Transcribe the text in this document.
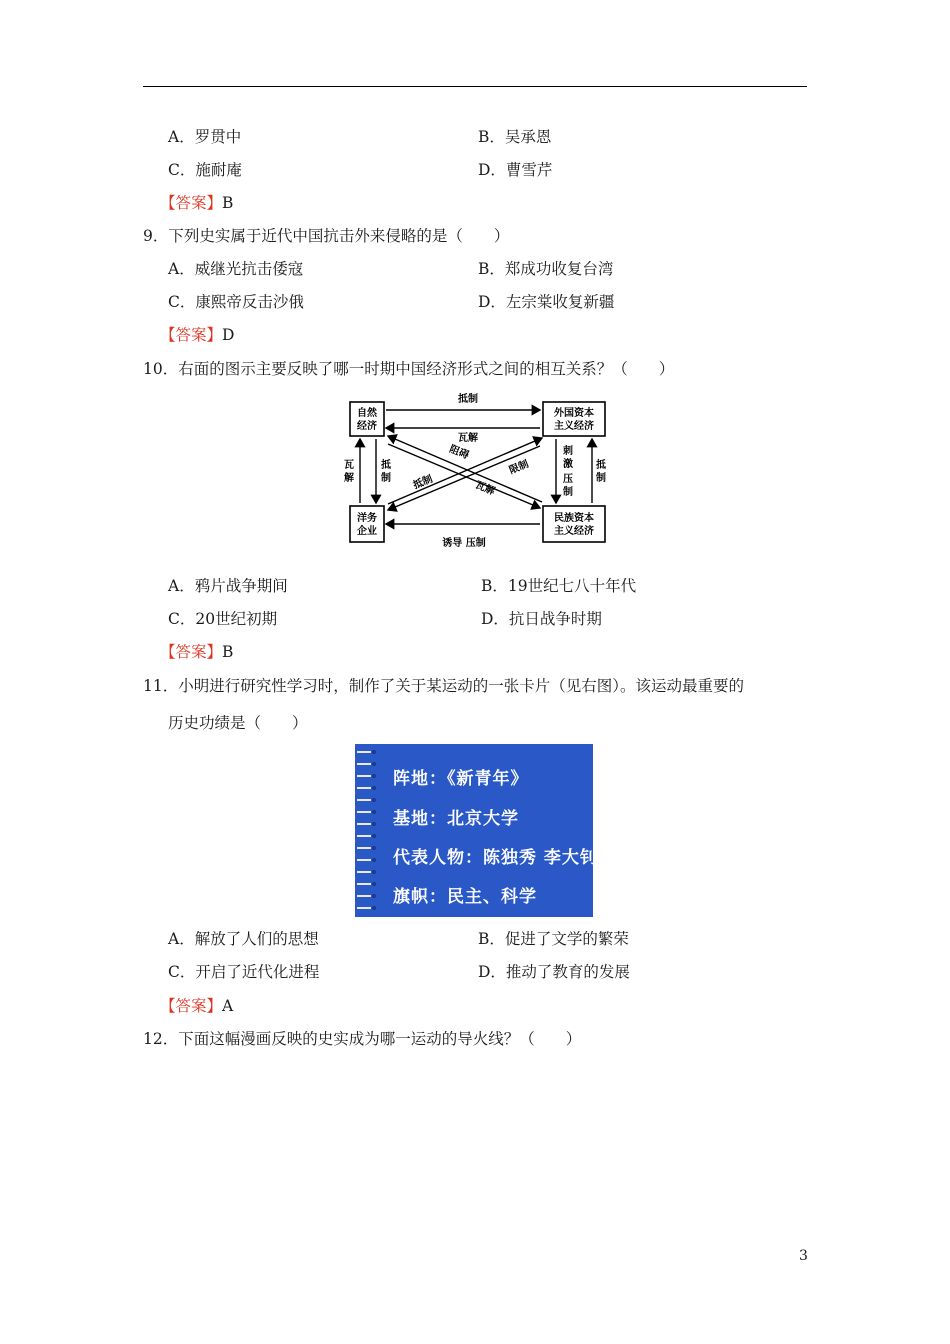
A．罗贯中	B．吴承恩
C．施耐庵	D．曹雪芹
【答案】B
9．下列史实属于近代中国抗击外来侵略的是（　　）
A．威继光抗击倭寇	B．郑成功收复台湾
C．康熙帝反击沙俄	D．左宗棠收复新疆
【答案】D
10．右面的图示主要反映了哪一时期中国经济形式之间的相互关系？（　　）
自然
经济
外国资本
主义经济
洋务
企业
民族资本
主义经济
抵制
瓦解
诱导 压制
瓦
解
抵
制
刺
激
压
制
抵
制
阻碍
限制
抵制	瓦解
A．鸦片战争期间	B．19世纪七八十年代
C．20世纪初期	D．抗日战争时期
【答案】B
11．小明进行研究性学习时，制作了关于某运动的一张卡片（见右图）。该运动最重要的
历史功绩是（　　）
阵地：《新青年》
基地：北京大学
代表人物：陈独秀 李大钊
旗帜：民主、科学
A．解放了人们的思想	B．促进了文学的繁荣
C．开启了近代化进程	D．推动了教育的发展
【答案】A
12．下面这幅漫画反映的史实成为哪一运动的导火线？（　　）
3
